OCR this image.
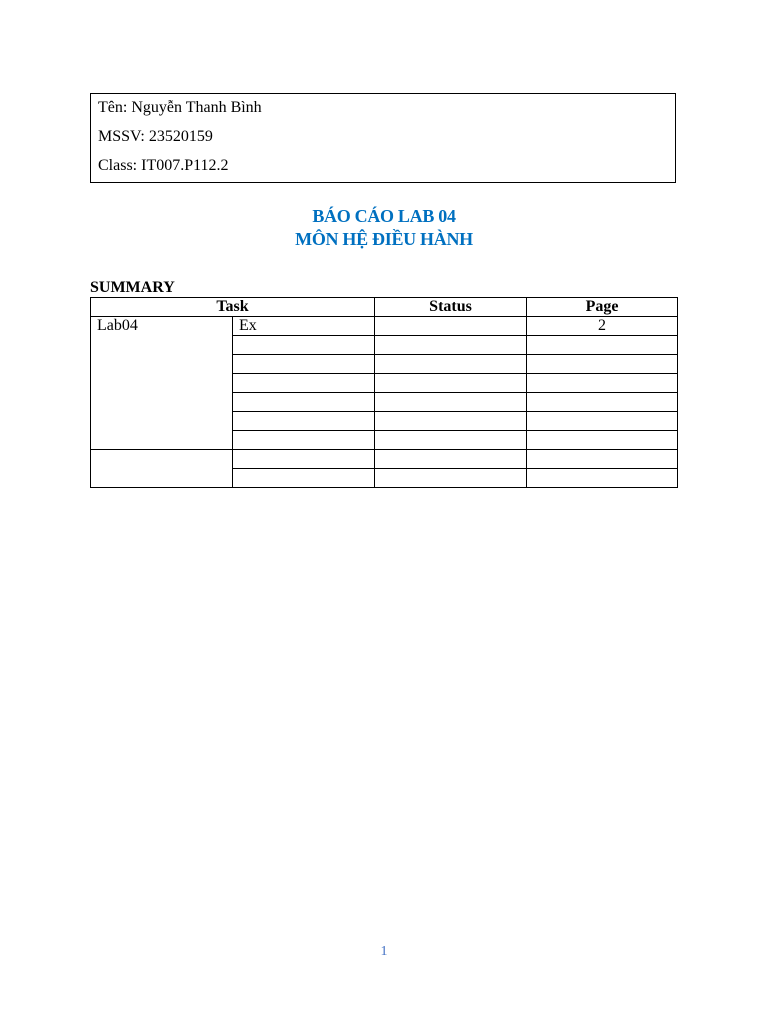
Tên: Nguyễn Thanh Bình
MSSV: 23520159
Class: IT007.P112.2
BÁO CÁO LAB 04
MÔN HỆ ĐIỀU HÀNH
SUMMARY
Task		Status	Page
Lab04	Ex		2

1
